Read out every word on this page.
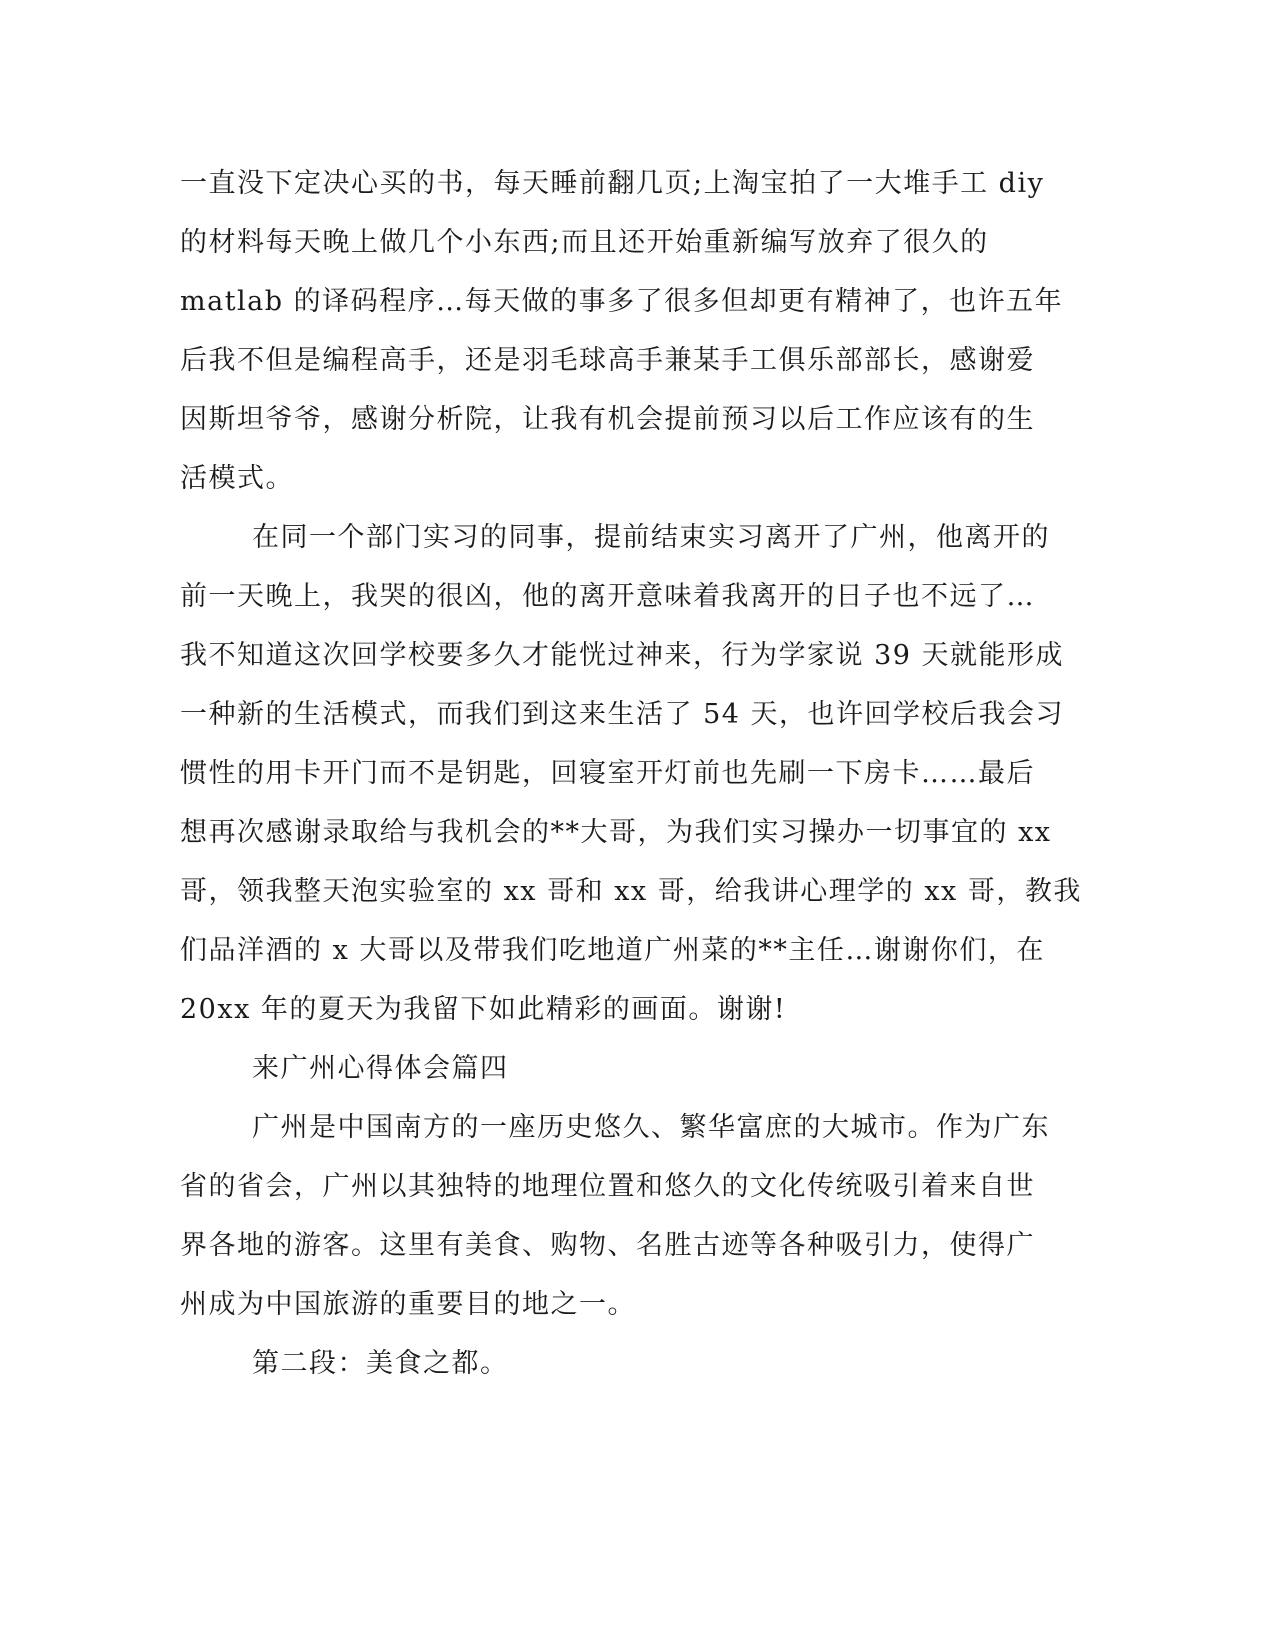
一直没下定决心买的书，每天睡前翻几页;上淘宝拍了一大堆手工 diy
的材料每天晚上做几个小东西;而且还开始重新编写放弃了很久的
matlab 的译码程序…每天做的事多了很多但却更有精神了，也许五年
后我不但是编程高手，还是羽毛球高手兼某手工俱乐部部长，感谢爱
因斯坦爷爷，感谢分析院，让我有机会提前预习以后工作应该有的生
活模式。
在同一个部门实习的同事，提前结束实习离开了广州，他离开的
前一天晚上，我哭的很凶，他的离开意味着我离开的日子也不远了…
我不知道这次回学校要多久才能恍过神来，行为学家说 39 天就能形成
一种新的生活模式，而我们到这来生活了 54 天，也许回学校后我会习
惯性的用卡开门而不是钥匙，回寝室开灯前也先刷一下房卡……最后
想再次感谢录取给与我机会的**大哥，为我们实习操办一切事宜的 xx
哥，领我整天泡实验室的 xx 哥和 xx 哥，给我讲心理学的 xx 哥，教我
们品洋酒的 x 大哥以及带我们吃地道广州菜的**主任…谢谢你们，在
20xx 年的夏天为我留下如此精彩的画面。谢谢!
来广州心得体会篇四
广州是中国南方的一座历史悠久、繁华富庶的大城市。作为广东
省的省会，广州以其独特的地理位置和悠久的文化传统吸引着来自世
界各地的游客。这里有美食、购物、名胜古迹等各种吸引力，使得广
州成为中国旅游的重要目的地之一。
第二段：美食之都。
